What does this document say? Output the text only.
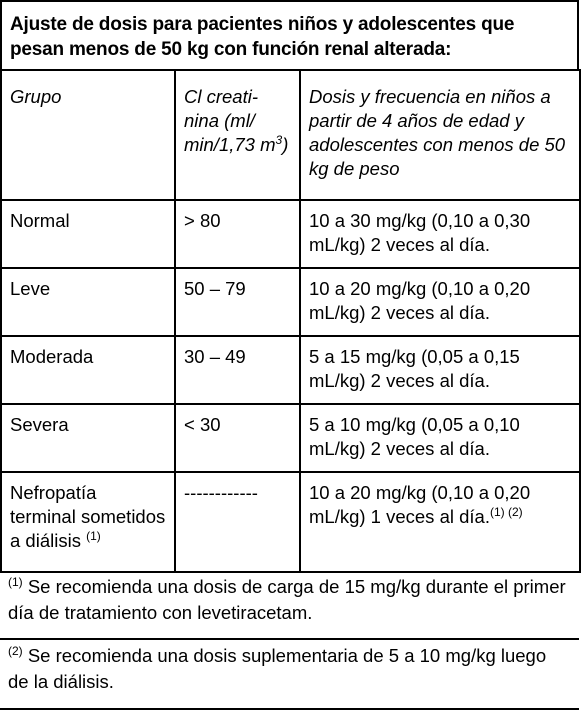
Ajuste de dosis para pacientes niños y adolescentes que pesan menos de 50 kg con función renal alterada:
Grupo	Cl creati-nina (ml/ min/1,73 $m^3$)	Dosis y frecuencia en niños a partir de 4 años de edad y adolescentes con menos de 50 kg de peso
Normal	> 80	10 a 30 mg/kg (0,10 a 0,30 mL/kg) 2 veces al día.
Leve	50 – 79	10 a 20 mg/kg (0,10 a 0,20 mL/kg) 2 veces al día.
Moderada	30 – 49	5 a 15 mg/kg (0,05 a 0,15 mL/kg) 2 veces al día.
Severa	< 30	5 a 10 mg/kg (0,05 a 0,10 mL/kg) 2 veces al día.
Nefropatía terminal sometidos a diálisis $^{(1)}$	------------	10 a 20 mg/kg (0,10 a 0,20 mL/kg) 1 veces al día.$^{(1) (2)}$
$^{(1)}$ Se recomienda una dosis de carga de 15 mg/kg durante el primer día de tratamiento con levetiracetam.
$^{(2)}$ Se recomienda una dosis suplementaria de 5 a 10 mg/kg luego de la diálisis.
